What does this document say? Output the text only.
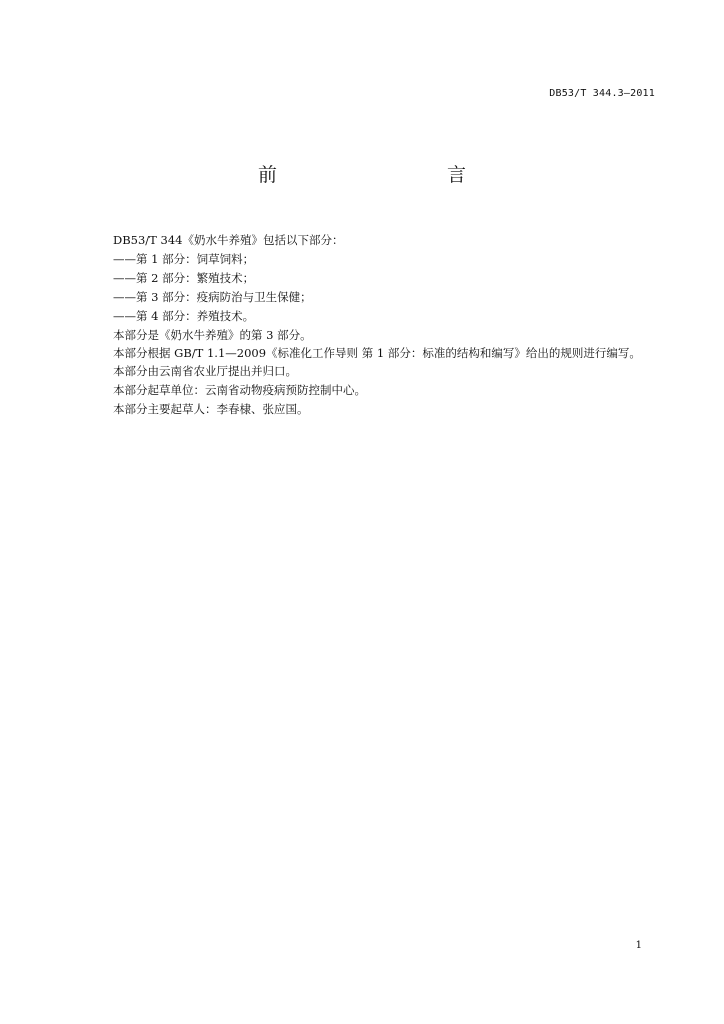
DB53/T 344.3—2011
前　　言

DB53/T 344《奶水牛养殖》包括以下部分：

——第 1 部分：饲草饲料；

——第 2 部分：繁殖技术；

——第 3 部分：疫病防治与卫生保健；

——第 4 部分：养殖技术。

本部分是《奶水牛养殖》的第 3 部分。

本部分根据 GB/T 1.1—2009《标准化工作导则 第 1 部分：标准的结构和编写》给出的规则进行编写。

本部分由云南省农业厅提出并归口。

本部分起草单位：云南省动物疫病预防控制中心。

本部分主要起草人：李春棣、张应国。

1
